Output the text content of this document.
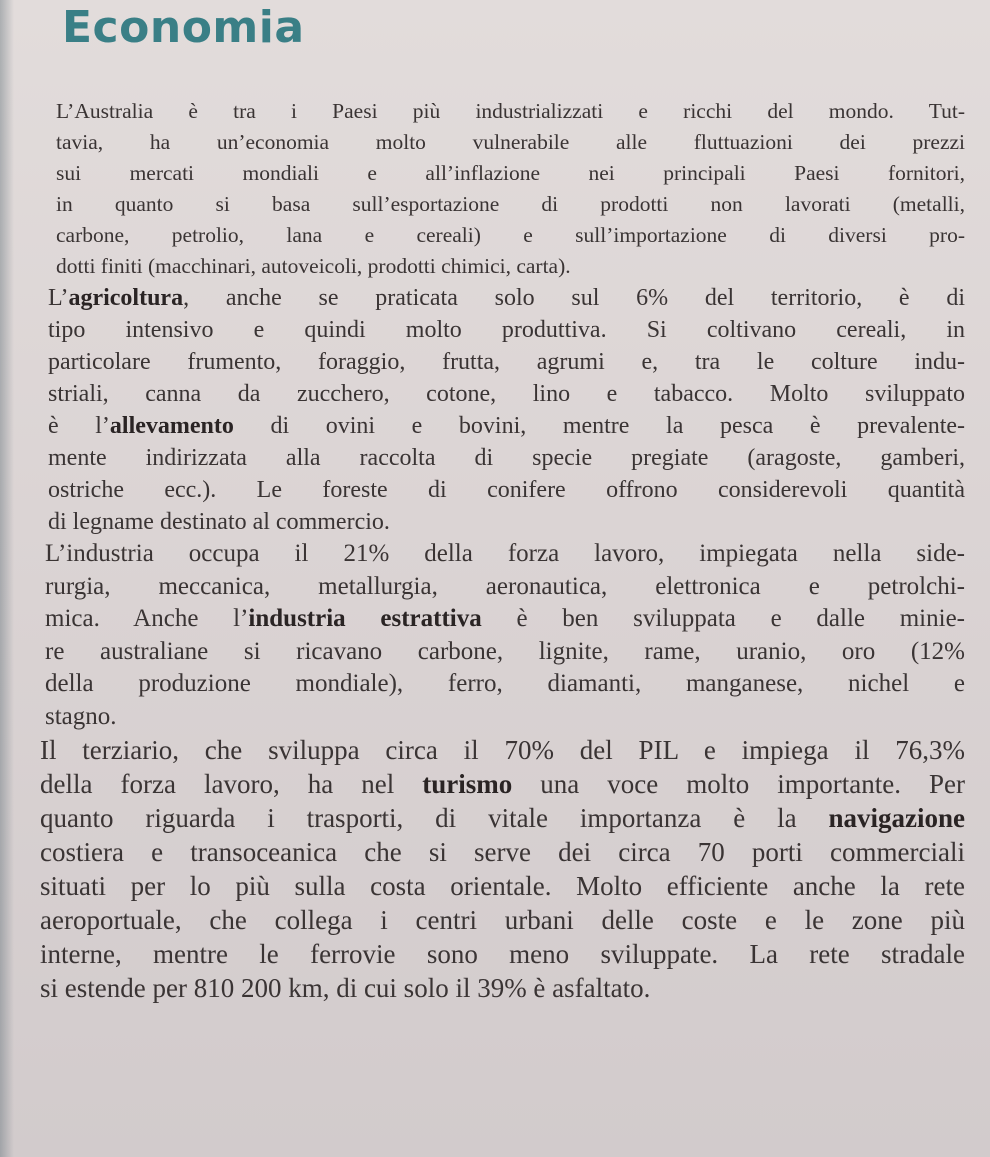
Economia
L’Australia è tra i Paesi più industrializzati e ricchi del mondo. Tut-
tavia, ha un’economia molto vulnerabile alle fluttuazioni dei prezzi
sui mercati mondiali e all’inflazione nei principali Paesi fornitori,
in quanto si basa sull’esportazione di prodotti non lavorati (metalli,
carbone, petrolio, lana e cereali) e sull’importazione di diversi pro-
dotti finiti (macchinari, autoveicoli, prodotti chimici, carta).
L’agricoltura, anche se praticata solo sul 6% del territorio, è di
tipo intensivo e quindi molto produttiva. Si coltivano cereali, in
particolare frumento, foraggio, frutta, agrumi e, tra le colture indu-
striali, canna da zucchero, cotone, lino e tabacco. Molto sviluppato
è l’allevamento di ovini e bovini, mentre la pesca è prevalente-
mente indirizzata alla raccolta di specie pregiate (aragoste, gamberi,
ostriche ecc.). Le foreste di conifere offrono considerevoli quantità
di legname destinato al commercio.
L’industria occupa il 21% della forza lavoro, impiegata nella side-
rurgia, meccanica, metallurgia, aeronautica, elettronica e petrolchi-
mica. Anche l’industria estrattiva è ben sviluppata e dalle minie-
re australiane si ricavano carbone, lignite, rame, uranio, oro (12%
della produzione mondiale), ferro, diamanti, manganese, nichel e
stagno.
Il terziario, che sviluppa circa il 70% del PIL e impiega il 76,3%
della forza lavoro, ha nel turismo una voce molto importante. Per
quanto riguarda i trasporti, di vitale importanza è la navigazione
costiera e transoceanica che si serve dei circa 70 porti commerciali
situati per lo più sulla costa orientale. Molto efficiente anche la rete
aeroportuale, che collega i centri urbani delle coste e le zone più
interne, mentre le ferrovie sono meno sviluppate. La rete stradale
si estende per 810 200 km, di cui solo il 39% è asfaltato.
